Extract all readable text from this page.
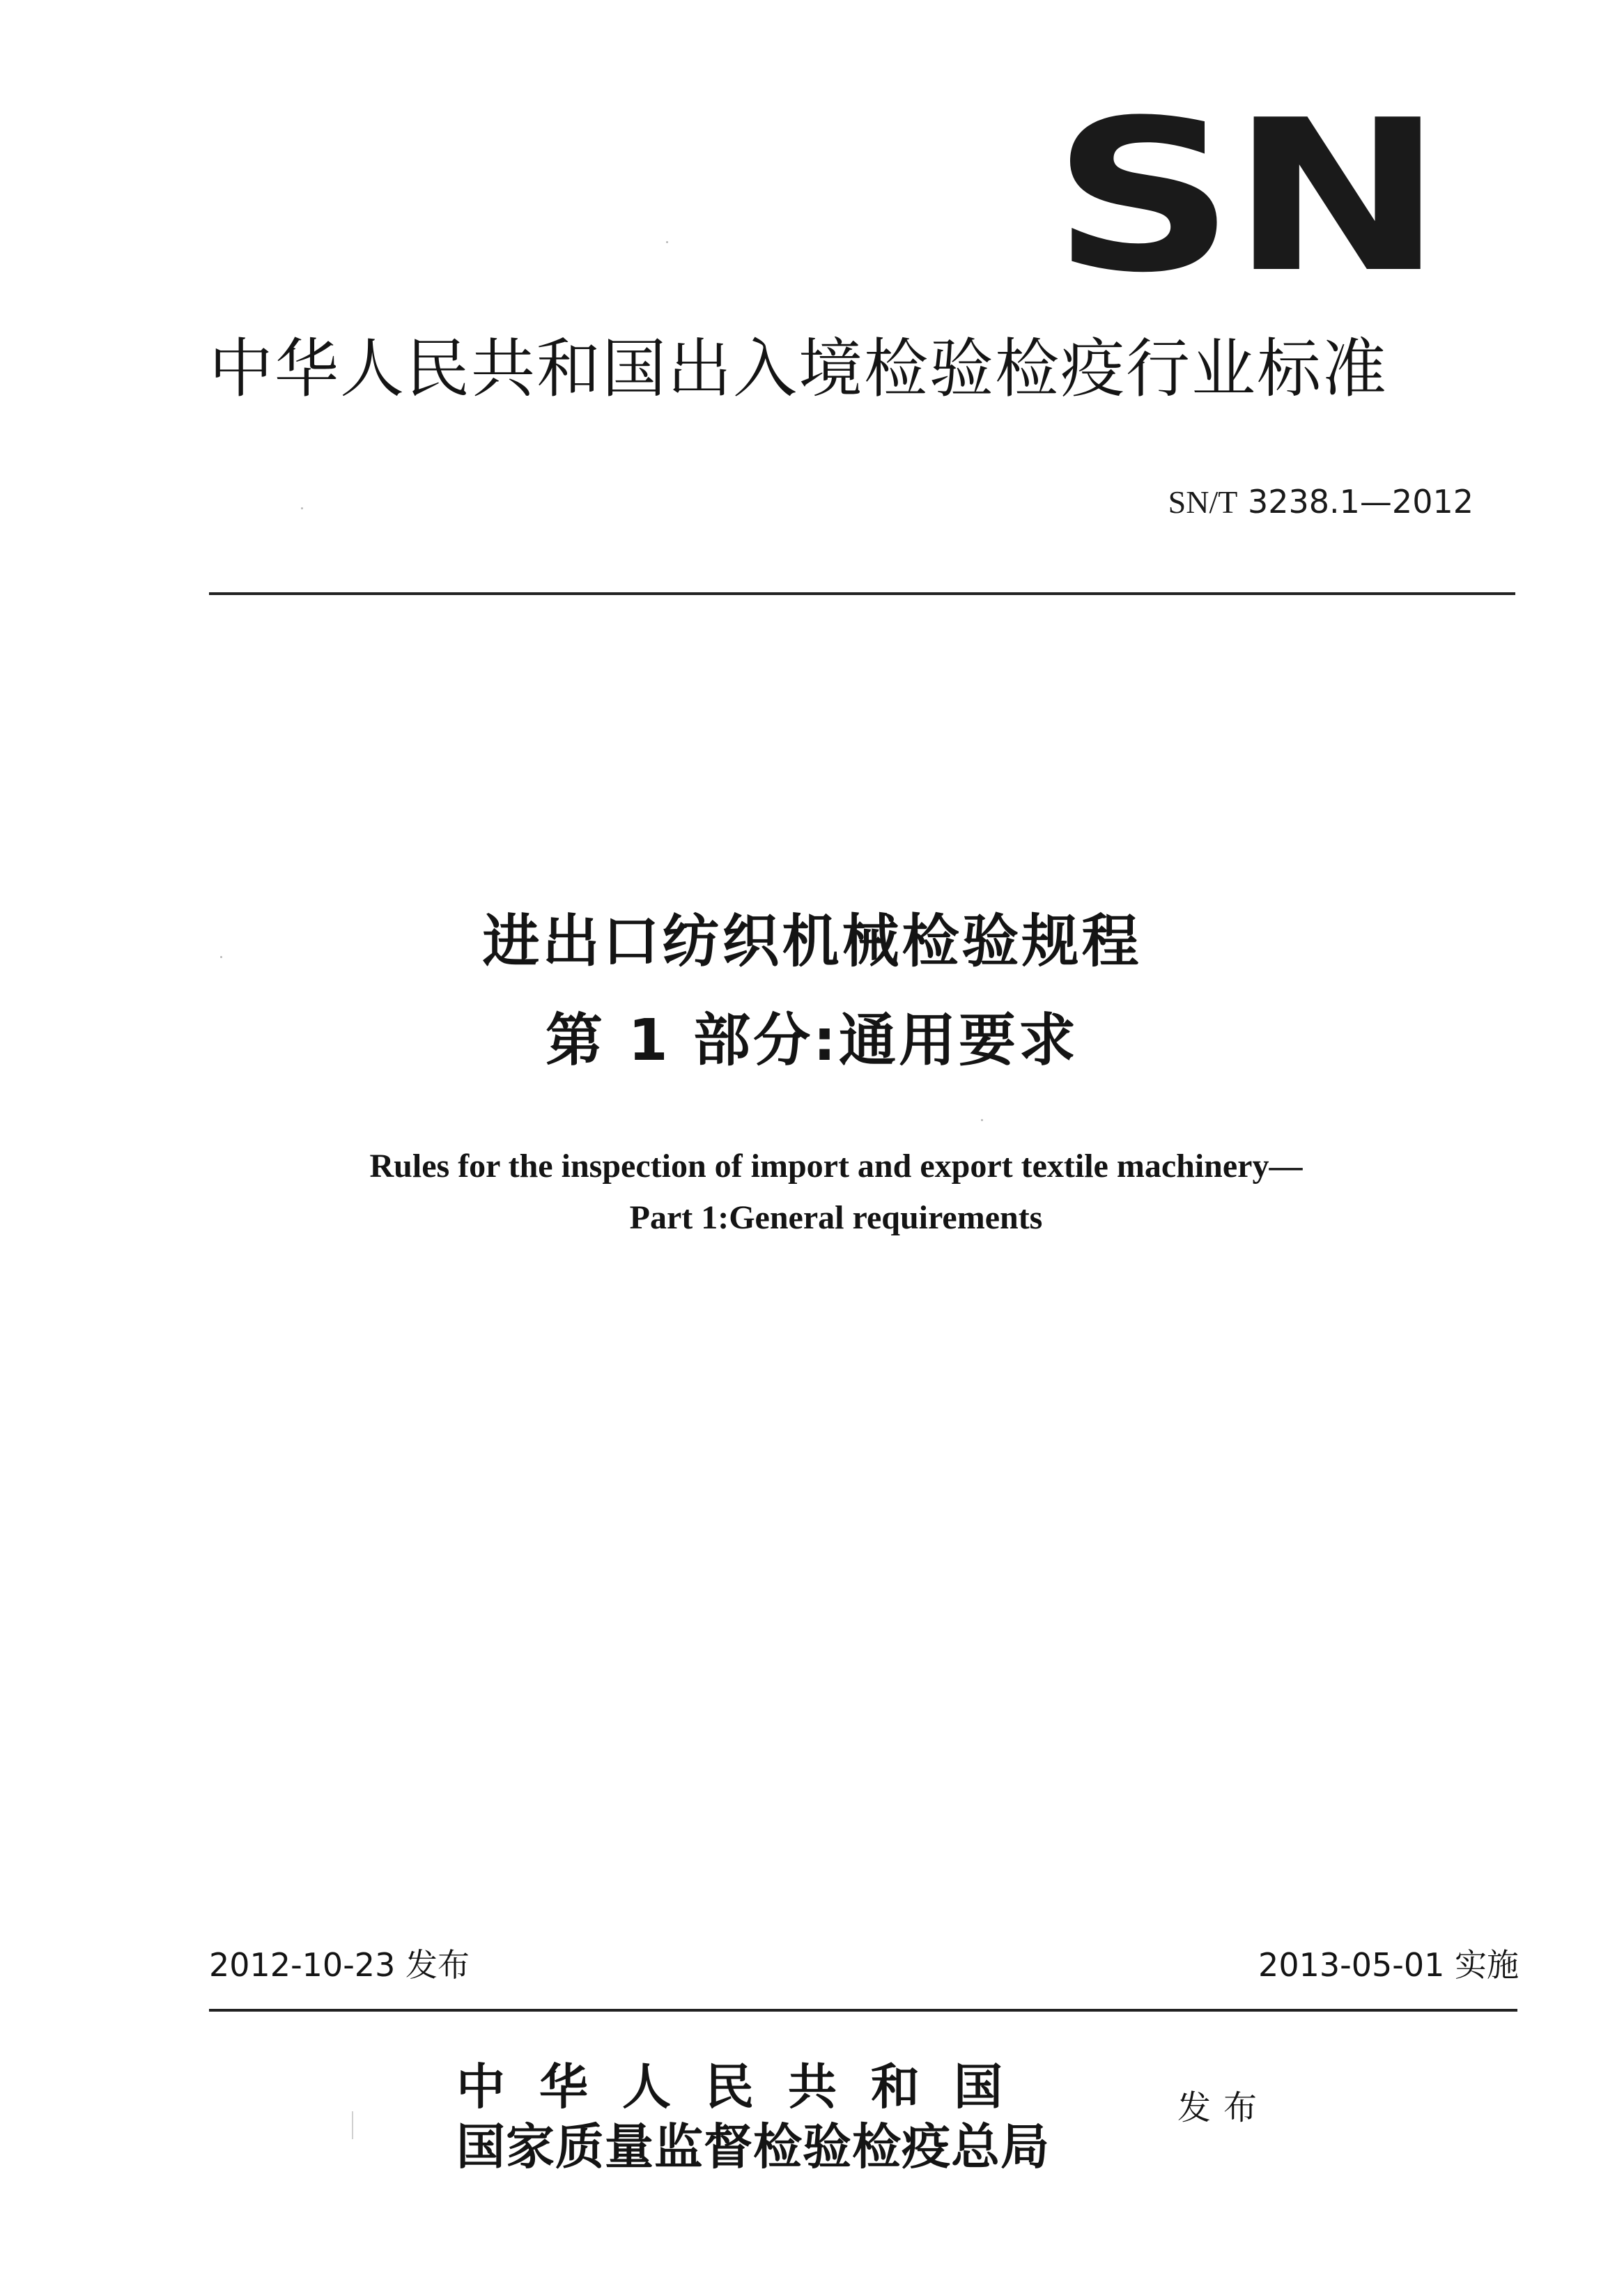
SN
中华人民共和国出入境检验检疫行业标准
SN/T 3238.1—2012
进出口纺织机械检验规程
第 1 部分:通用要求
Rules for the inspection of import and export textile machinery—
Part 1:General requirements
2012-10-23 发布	2013-05-01 实施
中华人民共和国
国家质量监督检验检疫总局
发布
